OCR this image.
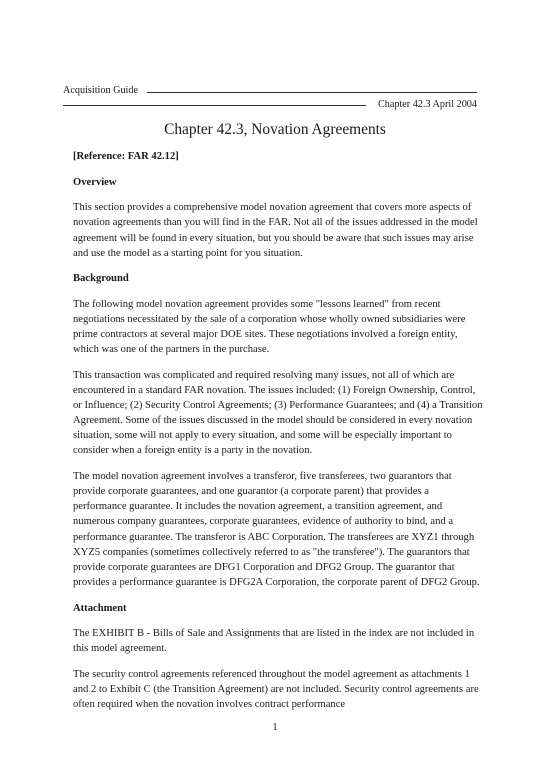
Acquisition Guide
Chapter 42.3 April 2004
Chapter 42.3, Novation Agreements

[Reference: FAR 42.12]

Overview

This section provides a comprehensive model novation agreement that covers more aspects of novation agreements than you will find in the FAR. Not all of the issues addressed in the model agreement will be found in every situation, but you should be aware that such issues may arise and use the model as a starting point for you situation.

Background

The following model novation agreement provides some "lessons learned" from recent negotiations necessitated by the sale of a corporation whose wholly owned subsidiaries were prime contractors at several major DOE sites. These negotiations involved a foreign entity, which was one of the partners in the purchase.

This transaction was complicated and required resolving many issues, not all of which are encountered in a standard FAR novation. The issues included: (1) Foreign Ownership, Control, or Influence; (2) Security Control Agreements; (3) Performance Guarantees; and (4) a Transition Agreement. Some of the issues discussed in the model should be considered in every novation situation, some will not apply to every situation, and some will be especially important to consider when a foreign entity is a party in the novation.

The model novation agreement involves a transferor, five transferees, two guarantors that provide corporate guarantees, and one guarantor (a corporate parent) that provides a performance guarantee. It includes the novation agreement, a transition agreement, and numerous company guarantees, corporate guarantees, evidence of authority to bind, and a performance guarantee. The transferor is ABC Corporation. The transferees are XYZ1 through XYZ5 companies (sometimes collectively referred to as "the transferee"). The guarantors that provide corporate guarantees are DFG1 Corporation and DFG2 Group. The guarantor that provides a performance guarantee is DFG2A Corporation, the corporate parent of DFG2 Group.

Attachment

The EXHIBIT B - Bills of Sale and Assignments that are listed in the index are not included in this model agreement.

The security control agreements referenced throughout the model agreement as attachments 1 and 2 to Exhibit C (the Transition Agreement) are not included. Security control agreements are often required when the novation involves contract performance

1
